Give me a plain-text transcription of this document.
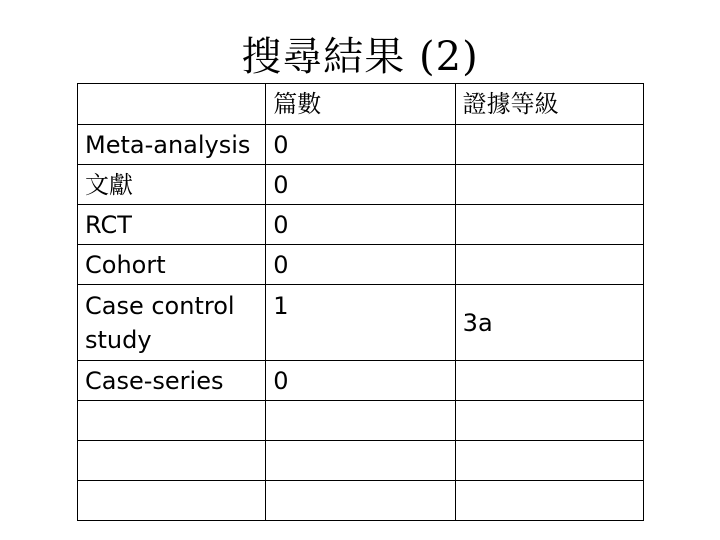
搜尋結果 (2)
	篇數	證據等級
Meta-analysis	0	
文獻	0	
RCT	0	
Cohort	0	
Case control study	1	3a
Case-series	0	
